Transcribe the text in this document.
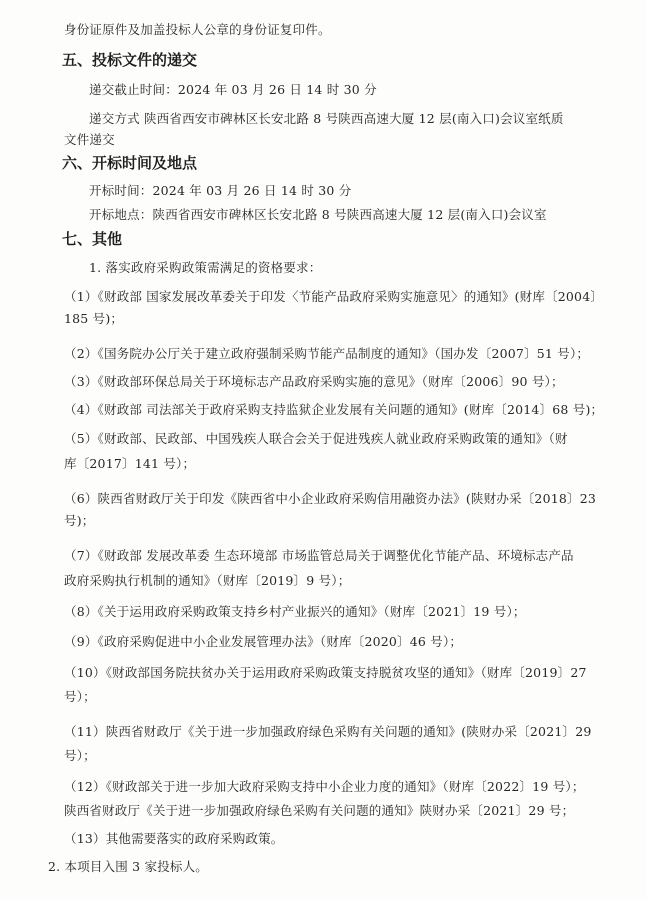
身份证原件及加盖投标人公章的身份证复印件。
五、投标文件的递交
递交截止时间：2024 年 03 月 26 日 14 时 30 分
递交方式 陕西省西安市碑林区长安北路 8 号陕西高速大厦 12 层(南入口)会议室纸质
文件递交
六、开标时间及地点
开标时间：2024 年 03 月 26 日 14 时 30 分
开标地点：陕西省西安市碑林区长安北路 8 号陕西高速大厦 12 层(南入口)会议室
七、其他
1. 落实政府采购政策需满足的资格要求：
（1）《财政部 国家发展改革委关于印发〈节能产品政府采购实施意见〉的通知》(财库〔2004〕
185 号)；
（2）《国务院办公厅关于建立政府强制采购节能产品制度的通知》（国办发〔2007〕51 号）；
（3）《财政部环保总局关于环境标志产品政府采购实施的意见》（财库〔2006〕90 号）；
（4）《财政部 司法部关于政府采购支持监狱企业发展有关问题的通知》(财库〔2014〕68 号)；
（5）《财政部、民政部、中国残疾人联合会关于促进残疾人就业政府采购政策的通知》（财
库〔2017〕141 号）；
（6）陕西省财政厅关于印发《陕西省中小企业政府采购信用融资办法》(陕财办采〔2018〕23
号)；
（7）《财政部 发展改革委 生态环境部 市场监管总局关于调整优化节能产品、环境标志产品
政府采购执行机制的通知》（财库〔2019〕9 号）；
（8）《关于运用政府采购政策支持乡村产业振兴的通知》（财库〔2021〕19 号）；
（9）《政府采购促进中小企业发展管理办法》（财库〔2020〕46 号）；
（10）《财政部国务院扶贫办关于运用政府采购政策支持脱贫攻坚的通知》（财库〔2019〕27
号）；
（11）陕西省财政厅《关于进一步加强政府绿色采购有关问题的通知》(陕财办采〔2021〕29
号）；
（12）《财政部关于进一步加大政府采购支持中小企业力度的通知》（财库〔2022〕19 号）；
陕西省财政厅《关于进一步加强政府绿色采购有关问题的通知》陕财办采〔2021〕29 号；
（13）其他需要落实的政府采购政策。
2. 本项目入围 3 家投标人。
